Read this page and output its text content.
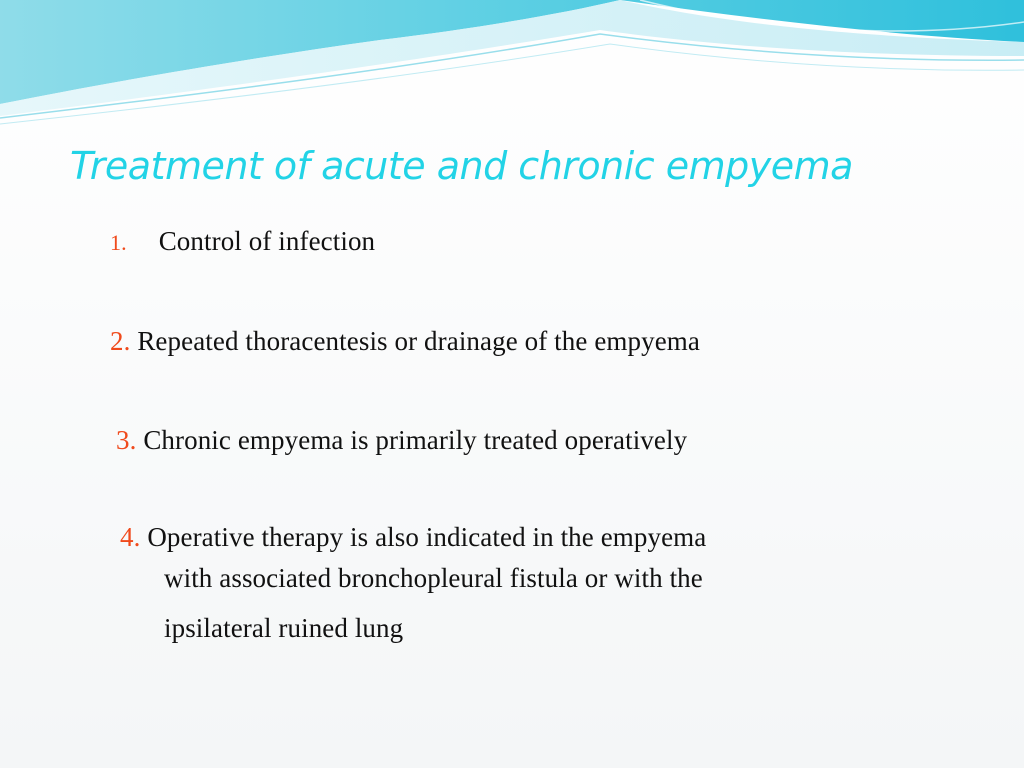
Treatment of acute and chronic empyema

1. Control of infection

2. Repeated thoracentesis or drainage of the empyema

3. Chronic empyema is primarily treated operatively

4. Operative therapy is also indicated in the empyema

with associated bronchopleural fistula or with the

ipsilateral ruined lung
